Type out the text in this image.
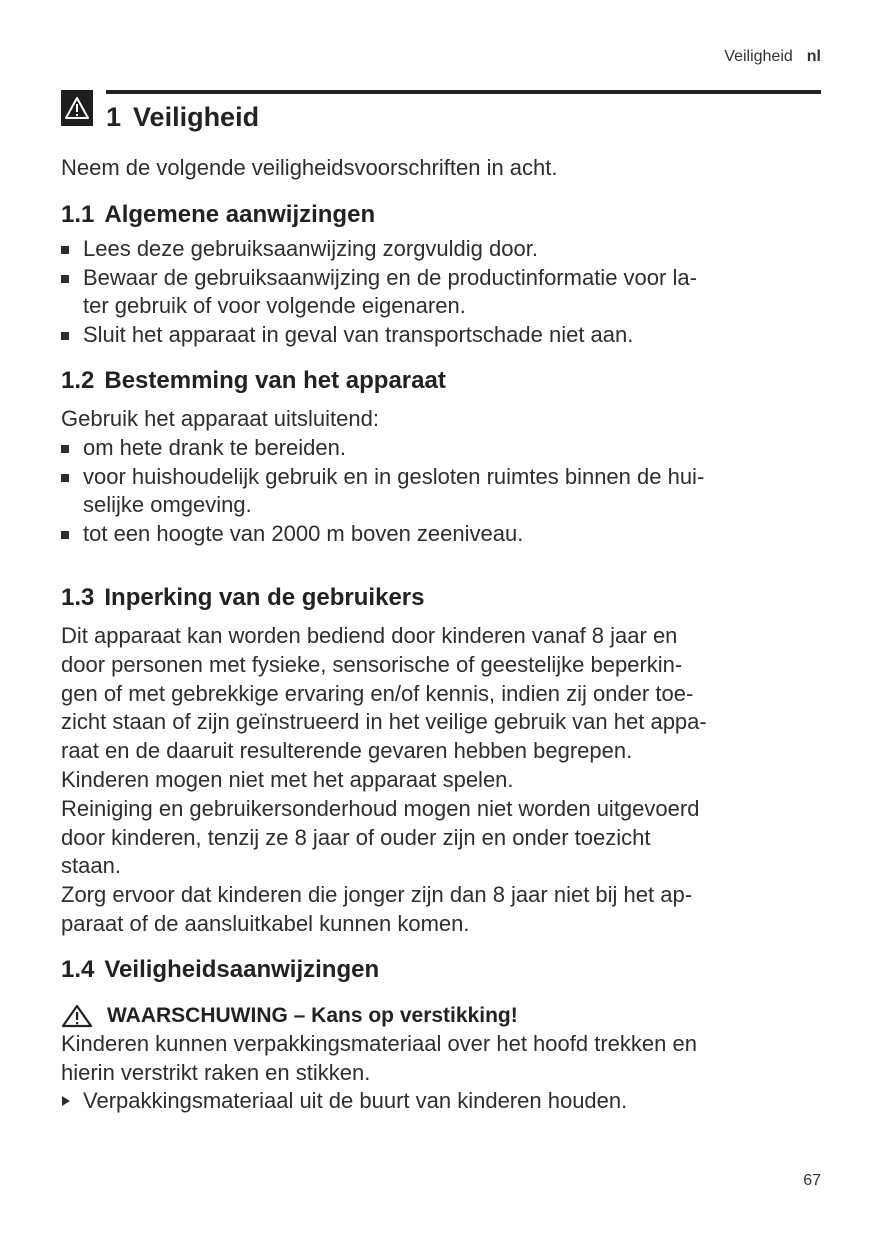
Veiligheid nl
1 Veiligheid

Neem de volgende veiligheidsvoorschriften in acht.

1.1 Algemene aanwijzingen
Lees deze gebruiksaanwijzing zorgvuldig door.
Bewaar de gebruiksaanwijzing en de productinformatie voor la-
ter gebruik of voor volgende eigenaren.
Sluit het apparaat in geval van transportschade niet aan.
1.2 Bestemming van het apparaat

Gebruik het apparaat uitsluitend:

om hete drank te bereiden.
voor huishoudelijk gebruik en in gesloten ruimtes binnen de hui-
selijke omgeving.
tot een hoogte van 2000 m boven zeeniveau.
1.3 Inperking van de gebruikers

Dit apparaat kan worden bediend door kinderen vanaf 8 jaar en
door personen met fysieke, sensorische of geestelijke beperkin-
gen of met gebrekkige ervaring en/of kennis, indien zij onder toe-
zicht staan of zijn geïnstrueerd in het veilige gebruik van het appa-
raat en de daaruit resulterende gevaren hebben begrepen.
Kinderen mogen niet met het apparaat spelen.
Reiniging en gebruikersonderhoud mogen niet worden uitgevoerd
door kinderen, tenzij ze 8 jaar of ouder zijn en onder toezicht
staan.
Zorg ervoor dat kinderen die jonger zijn dan 8 jaar niet bij het ap-
paraat of de aansluitkabel kunnen komen.

1.4 Veiligheidsaanwijzingen
WAARSCHUWING – Kans op verstikking!

Kinderen kunnen verpakkingsmateriaal over het hoofd trekken en
hierin verstrikt raken en stikken.

Verpakkingsmateriaal uit de buurt van kinderen houden.
67
